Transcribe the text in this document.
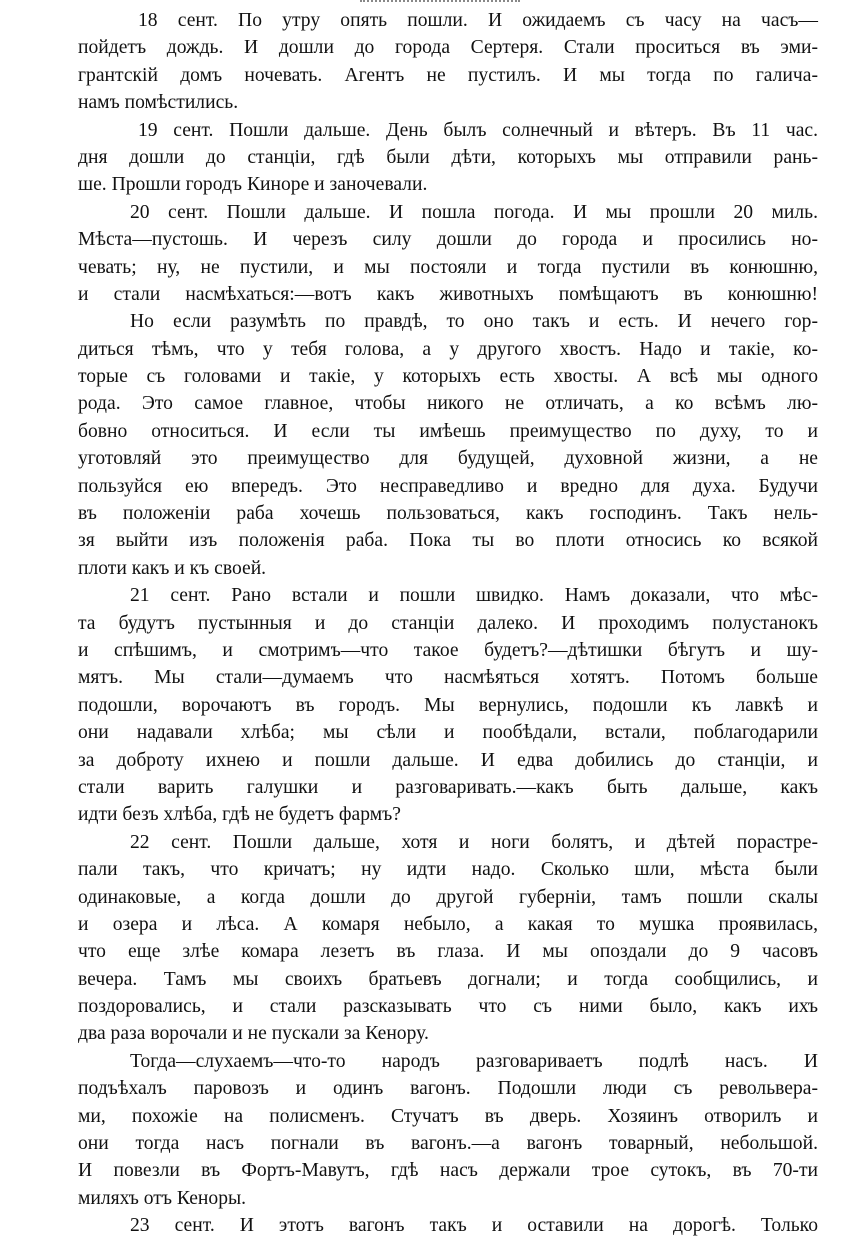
18 сент. По утру опять пошли. И ожидаемъ съ часу на часъ—
пойдетъ дождь. И дошли до города Сертеря. Стали проситься въ эми-
грантскій домъ ночевать. Агентъ не пустилъ. И мы тогда по галича-
намъ помѣстились.

19 сент. Пошли дальше. День былъ солнечный и вѣтеръ. Въ 11 час.
дня дошли до станціи, гдѣ были дѣти, которыхъ мы отправили рань-
ше. Прошли городъ Киноре и заночевали.

20 сент. Пошли дальше. И пошла погода. И мы прошли 20 миль.
Мѣста—пустошь. И черезъ силу дошли до города и просились но-
чевать; ну, не пустили, и мы постояли и тогда пустили въ конюшню,
и стали насмѣхаться:—вотъ какъ животныхъ помѣщаютъ въ конюшню!

Но если разумѣть по правдѣ, то оно такъ и есть. И нечего гор-
диться тѣмъ, что у тебя голова, а у другого хвостъ. Надо и такіе, ко-
торые съ головами и такіе, у которыхъ есть хвосты. А всѣ мы одного
рода. Это самое главное, чтобы никого не отличать, а ко всѣмъ лю-
бовно относиться. И если ты имѣешь преимущество по духу, то и
уготовляй это преимущество для будущей, духовной жизни, а не
пользуйся ею впередъ. Это несправедливо и вредно для духа. Будучи
въ положеніи раба хочешь пользоваться, какъ господинъ. Такъ нель-
зя выйти изъ положенія раба. Пока ты во плоти относись ко всякой
плоти какъ и къ своей.

21 сент. Рано встали и пошли швидко. Намъ доказали, что мѣс-
та будутъ пустынныя и до станціи далеко. И проходимъ полустанокъ
и спѣшимъ, и смотримъ—что такое будетъ?—дѣтишки бѣгутъ и шу-
мятъ. Мы стали—думаемъ что насмѣяться хотятъ. Потомъ больше
подошли, ворочаютъ въ городъ. Мы вернулись, подошли къ лавкѣ и
они надавали хлѣба; мы сѣли и пообѣдали, встали, поблагодарили
за доброту ихнею и пошли дальше. И едва добились до станціи, и
стали варить галушки и разговаривать.—какъ быть дальше, какъ
идти безъ хлѣба, гдѣ не будетъ фармъ?

22 сент. Пошли дальше, хотя и ноги болятъ, и дѣтей порастре-
пали такъ, что кричатъ; ну идти надо. Сколько шли, мѣста были
одинаковые, а когда дошли до другой губерніи, тамъ пошли скалы
и озера и лѣса. А комаря небыло, а какая то мушка проявилась,
что еще злѣе комара лезетъ въ глаза. И мы опоздали до 9 часовъ
вечера. Тамъ мы своихъ братьевъ догнали; и тогда сообщились, и
поздоровались, и стали разсказывать что съ ними было, какъ ихъ
два раза ворочали и не пускали за Кенору.

Тогда—слухаемъ—что-то народъ разговариваетъ подлѣ насъ. И
подъѣхалъ паровозъ и одинъ вагонъ. Подошли люди съ револьвера-
ми, похожіе на полисменъ. Стучатъ въ дверь. Хозяинъ отворилъ и
они тогда насъ погнали въ вагонъ.—а вагонъ товарный, небольшой.
И повезли въ Фортъ-Мавутъ, гдѣ насъ держали трое сутокъ, въ 70-ти
миляхъ отъ Кеноры.

23 сент. И этотъ вагонъ такъ и оставили на дорогѣ. Только
